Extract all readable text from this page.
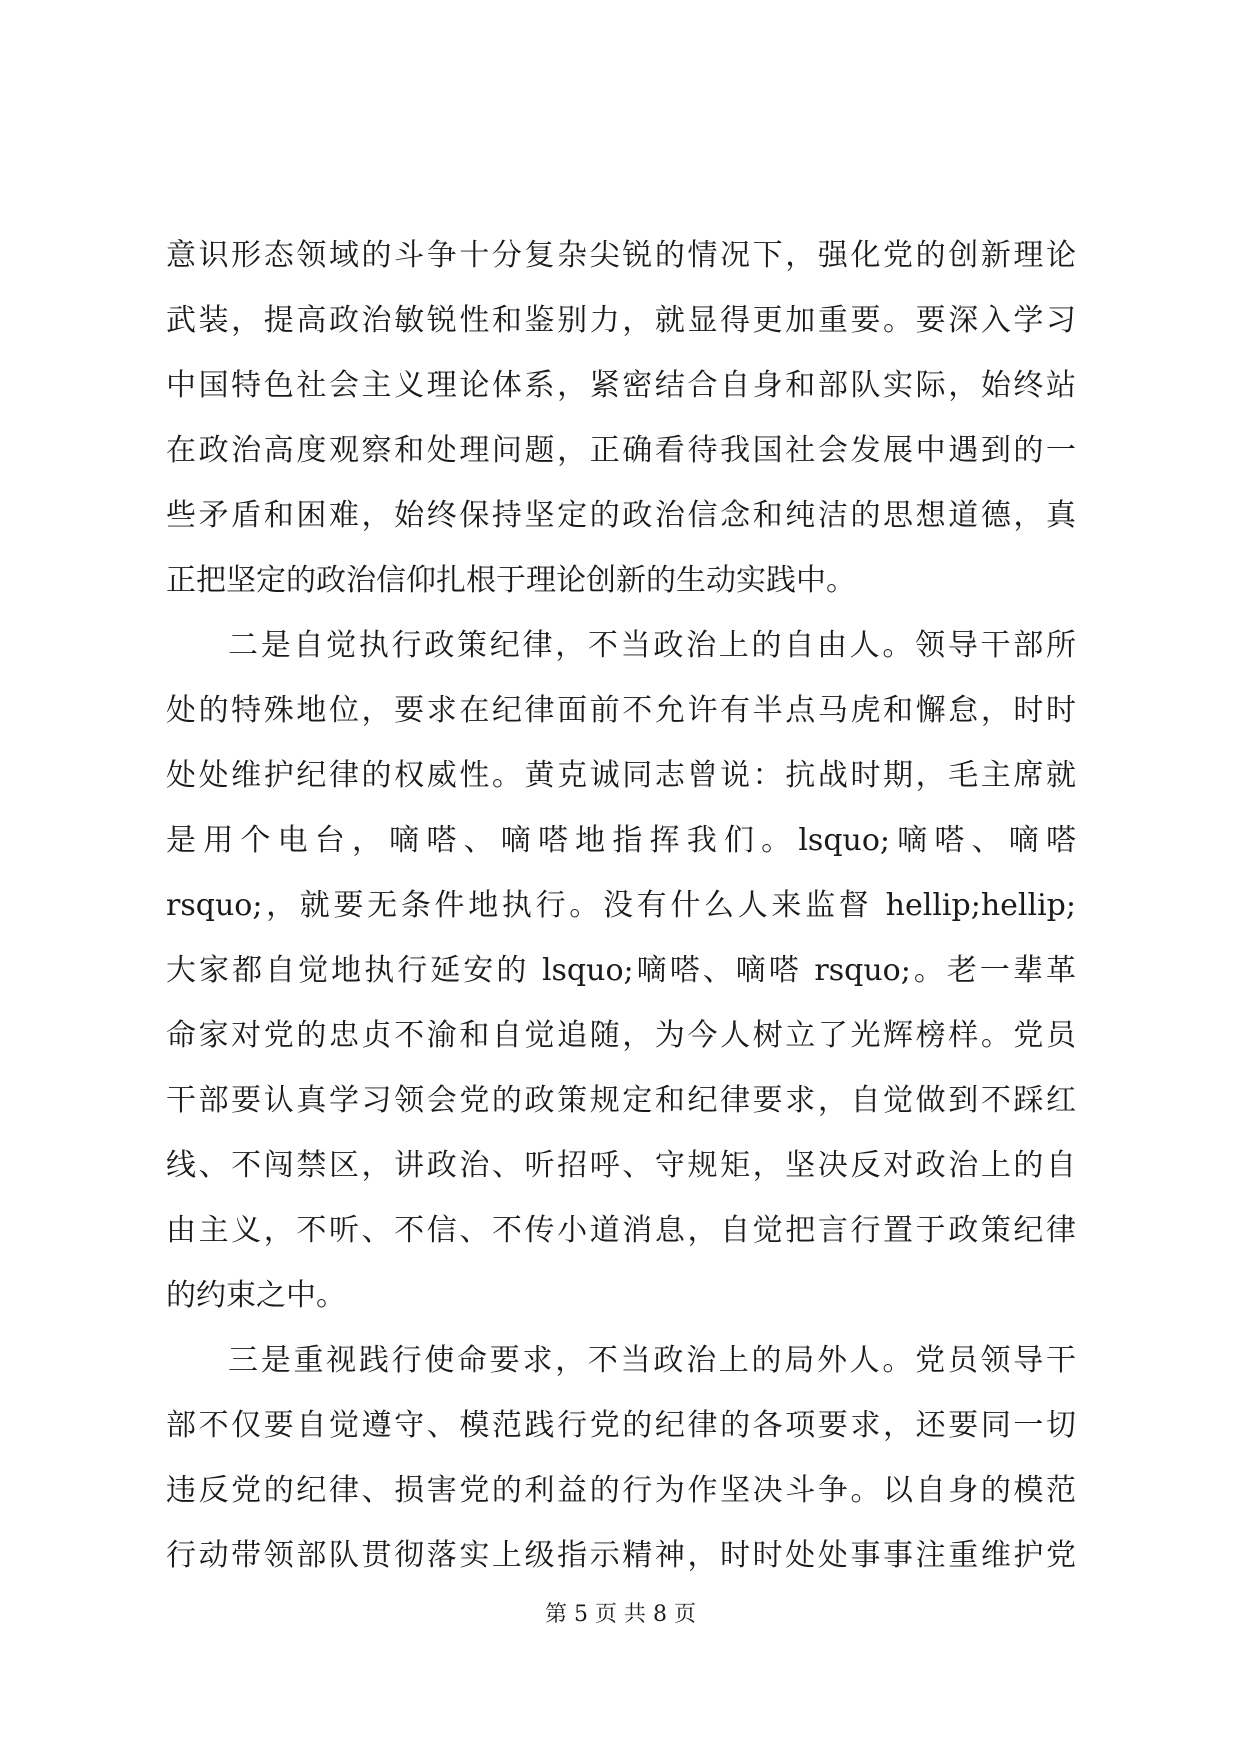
意识形态领域的斗争十分复杂尖锐的情况下，强化党的创新理论
武装，提高政治敏锐性和鉴别力，就显得更加重要。要深入学习
中国特色社会主义理论体系，紧密结合自身和部队实际，始终站
在政治高度观察和处理问题，正确看待我国社会发展中遇到的一
些矛盾和困难，始终保持坚定的政治信念和纯洁的思想道德，真
正把坚定的政治信仰扎根于理论创新的生动实践中。
二是自觉执行政策纪律，不当政治上的自由人。领导干部所
处的特殊地位，要求在纪律面前不允许有半点马虎和懈怠，时时
处处维护纪律的权威性。黄克诚同志曾说：抗战时期，毛主席就
是用个电台，嘀嗒、嘀嗒地指挥我们。lsquo;嘀嗒、嘀嗒
rsquo;，就要无条件地执行。没有什么人来监督 hellip;hellip;
大家都自觉地执行延安的 lsquo;嘀嗒、嘀嗒 rsquo;。老一辈革
命家对党的忠贞不渝和自觉追随，为今人树立了光辉榜样。党员
干部要认真学习领会党的政策规定和纪律要求，自觉做到不踩红
线、不闯禁区，讲政治、听招呼、守规矩，坚决反对政治上的自
由主义，不听、不信、不传小道消息，自觉把言行置于政策纪律
的约束之中。
三是重视践行使命要求，不当政治上的局外人。党员领导干
部不仅要自觉遵守、模范践行党的纪律的各项要求，还要同一切
违反党的纪律、损害党的利益的行为作坚决斗争。以自身的模范
行动带领部队贯彻落实上级指示精神，时时处处事事注重维护党
第 5 页 共 8 页
